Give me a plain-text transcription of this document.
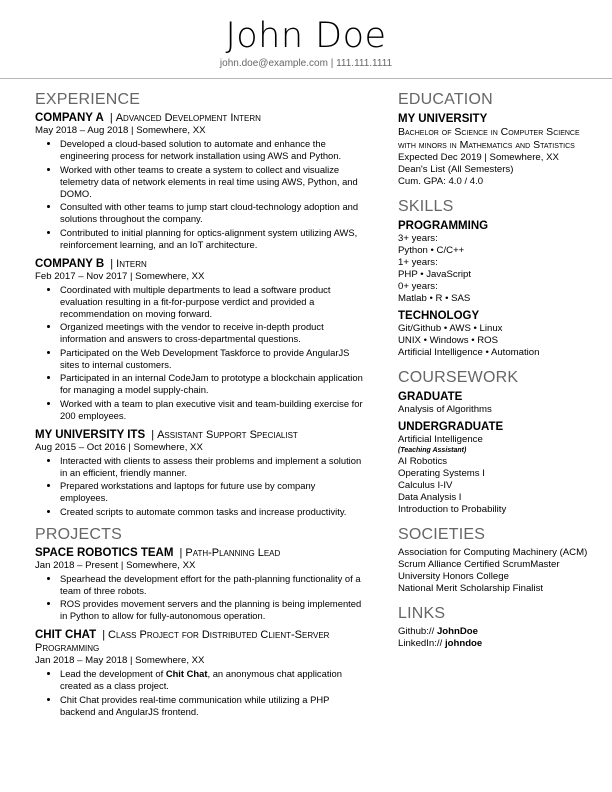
John Doe
john.doe@example.com | 111.111.1111
EXPERIENCE
COMPANY A | Advanced Development Intern
May 2018 – Aug 2018 | Somewhere, XX
• Developed a cloud-based solution to automate and enhance the engineering process for network installation using AWS and Python.
• Worked with other teams to create a system to collect and visualize telemetry data of network elements in real time using AWS, Python, and DOMO.
• Consulted with other teams to jump start cloud-technology adoption and solutions throughout the company.
• Contributed to initial planning for optics-alignment system utilizing AWS, reinforcement learning, and an IoT architecture.
COMPANY B | Intern
Feb 2017 – Nov 2017 | Somewhere, XX
• Coordinated with multiple departments to lead a software product evaluation resulting in a fit-for-purpose verdict and provided a recommendation on moving forward.
• Organized meetings with the vendor to receive in-depth product information and answers to cross-departmental questions.
• Participated on the Web Development Taskforce to provide AngularJS sites to internal customers.
• Participated in an internal CodeJam to prototype a blockchain application for managing a model supply-chain.
• Worked with a team to plan executive visit and team-building exercise for 200 employees.
MY UNIVERSITY ITS | Assistant Support Specialist
Aug 2015 – Oct 2016 | Somewhere, XX
• Interacted with clients to assess their problems and implement a solution in an efficient, friendly manner.
• Prepared workstations and laptops for future use by company employees.
• Created scripts to automate common tasks and increase productivity.
PROJECTS
SPACE ROBOTICS TEAM | Path-Planning Lead
Jan 2018 – Present | Somewhere, XX
• Spearhead the development effort for the path-planning functionality of a team of three robots.
• ROS provides movement servers and the planning is being implemented in Python to allow for fully-autonomous operation.
CHIT CHAT | Class Project for Distributed Client-Server Programming
Jan 2018 – May 2018 | Somewhere, XX
• Lead the development of Chit Chat, an anonymous chat application created as a class project.
• Chit Chat provides real-time communication while utilizing a PHP backend and AngularJS frontend.
EDUCATION
MY UNIVERSITY
Bachelor of Science in Computer Science with minors in Mathematics and Statistics
Expected Dec 2019 | Somewhere, XX
Dean's List (All Semesters)
Cum. GPA: 4.0 / 4.0
SKILLS
PROGRAMMING
3+ years:
Python • C/C++
1+ years:
PHP • JavaScript
0+ years:
Matlab • R • SAS
TECHNOLOGY
Git/Github • AWS • Linux
UNIX • Windows • ROS
Artificial Intelligence • Automation
COURSEWORK
GRADUATE
Analysis of Algorithms
UNDERGRADUATE
Artificial Intelligence
(Teaching Assistant)
AI Robotics
Operating Systems I
Calculus I-IV
Data Analysis I
Introduction to Probability
SOCIETIES
Association for Computing Machinery (ACM)
Scrum Alliance Certified ScrumMaster
University Honors College
National Merit Scholarship Finalist
LINKS
Github:// JohnDoe
LinkedIn:// johndoe
